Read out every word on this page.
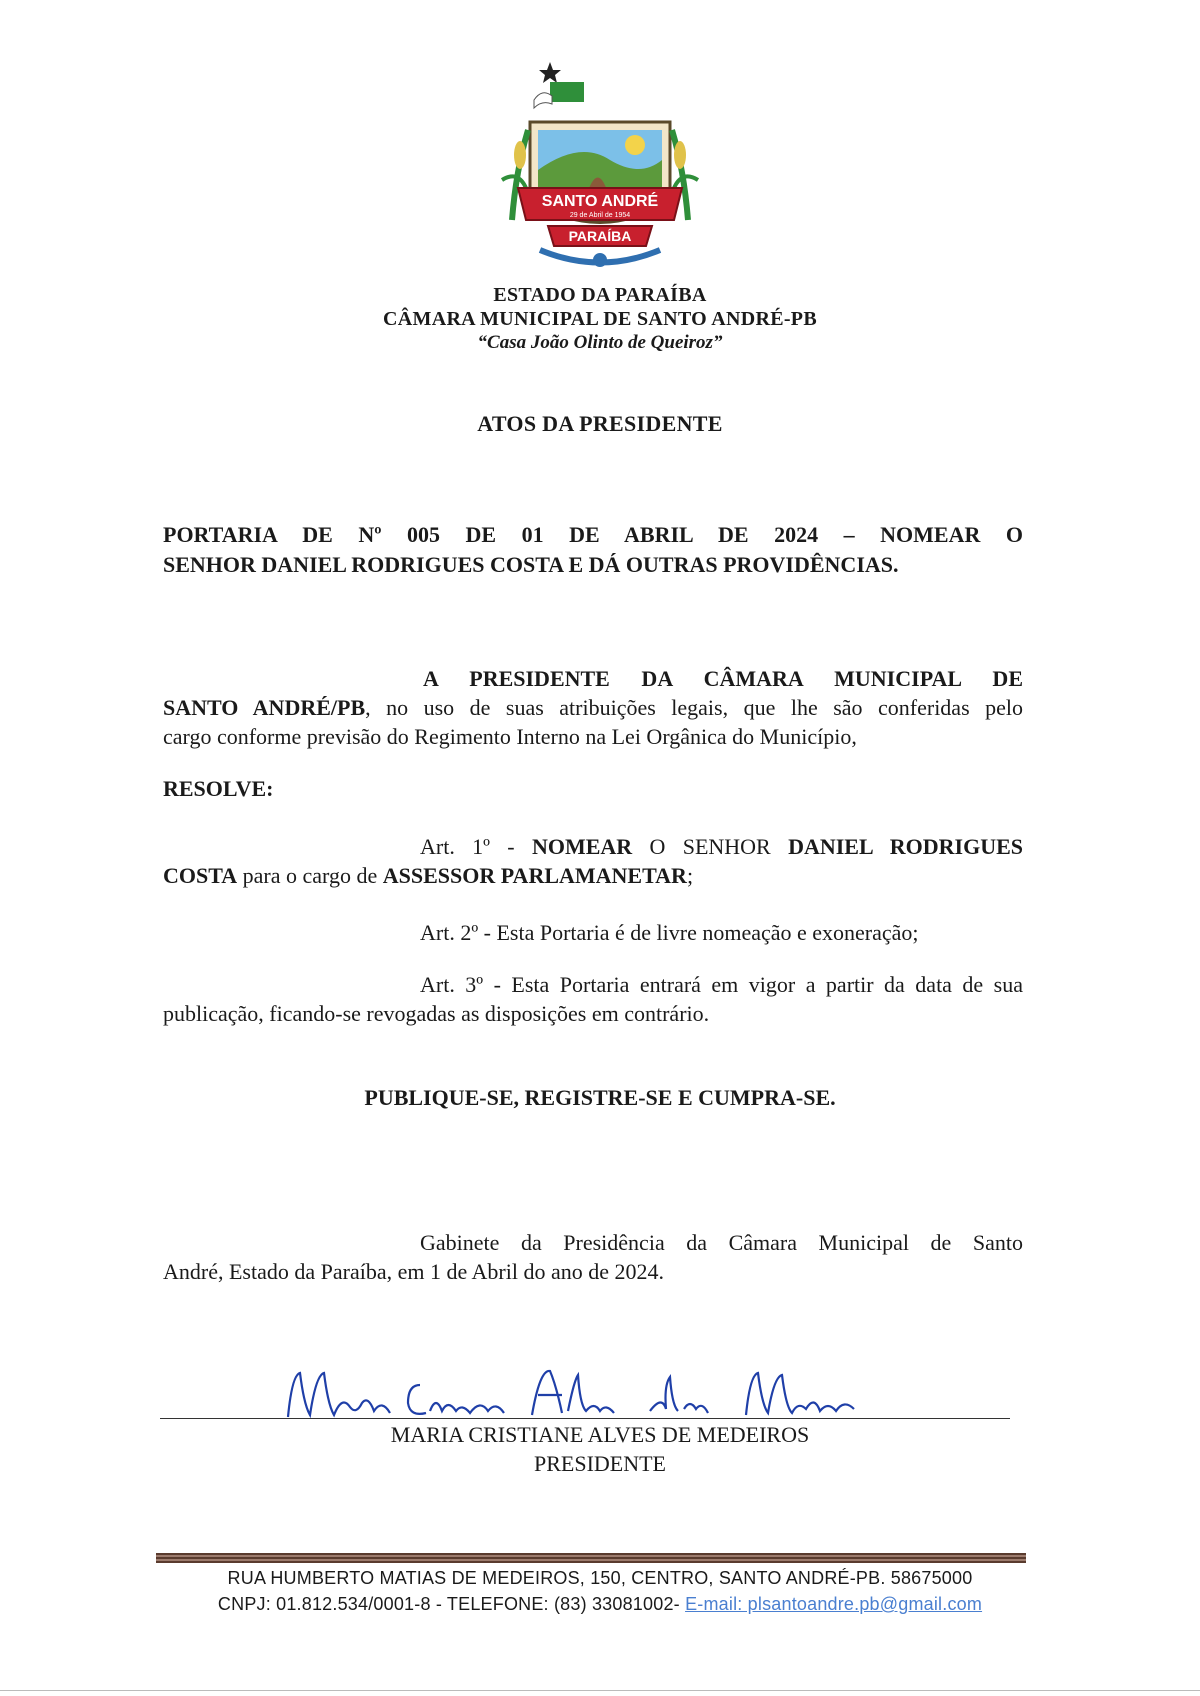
SANTO ANDRÉ
29 de Abril de 1954
PARAÍBA
ESTADO DA PARAÍBA
CÂMARA MUNICIPAL DE SANTO ANDRÉ-PB
“Casa João Olinto de Queiroz”
ATOS DA PRESIDENTE
PORTARIA DE Nº 005 DE 01 DE ABRIL DE 2024 – NOMEAR O
SENHOR DANIEL RODRIGUES COSTA E DÁ OUTRAS PROVIDÊNCIAS.
A PRESIDENTE DA CÂMARA MUNICIPAL DE
SANTO ANDRÉ/PB, no uso de suas atribuições legais, que lhe são conferidas pelo
cargo conforme previsão do Regimento Interno na Lei Orgânica do Município,
RESOLVE:
Art. 1º - NOMEAR O SENHOR DANIEL RODRIGUES
COSTA para o cargo de ASSESSOR PARLAMANETAR;
Art. 2º - Esta Portaria é de livre nomeação e exoneração;
Art. 3º - Esta Portaria entrará em vigor a partir da data de sua
publicação, ficando-se revogadas as disposições em contrário.
PUBLIQUE-SE, REGISTRE-SE E CUMPRA-SE.
Gabinete da Presidência da Câmara Municipal de Santo
André, Estado da Paraíba, em 1 de Abril do ano de 2024.
MARIA CRISTIANE ALVES DE MEDEIROS
PRESIDENTE
RUA HUMBERTO MATIAS DE MEDEIROS, 150, CENTRO, SANTO ANDRÉ-PB. 58675000
CNPJ: 01.812.534/0001-8 - TELEFONE: (83) 33081002- E-mail: plsantoandre.pb@gmail.com
